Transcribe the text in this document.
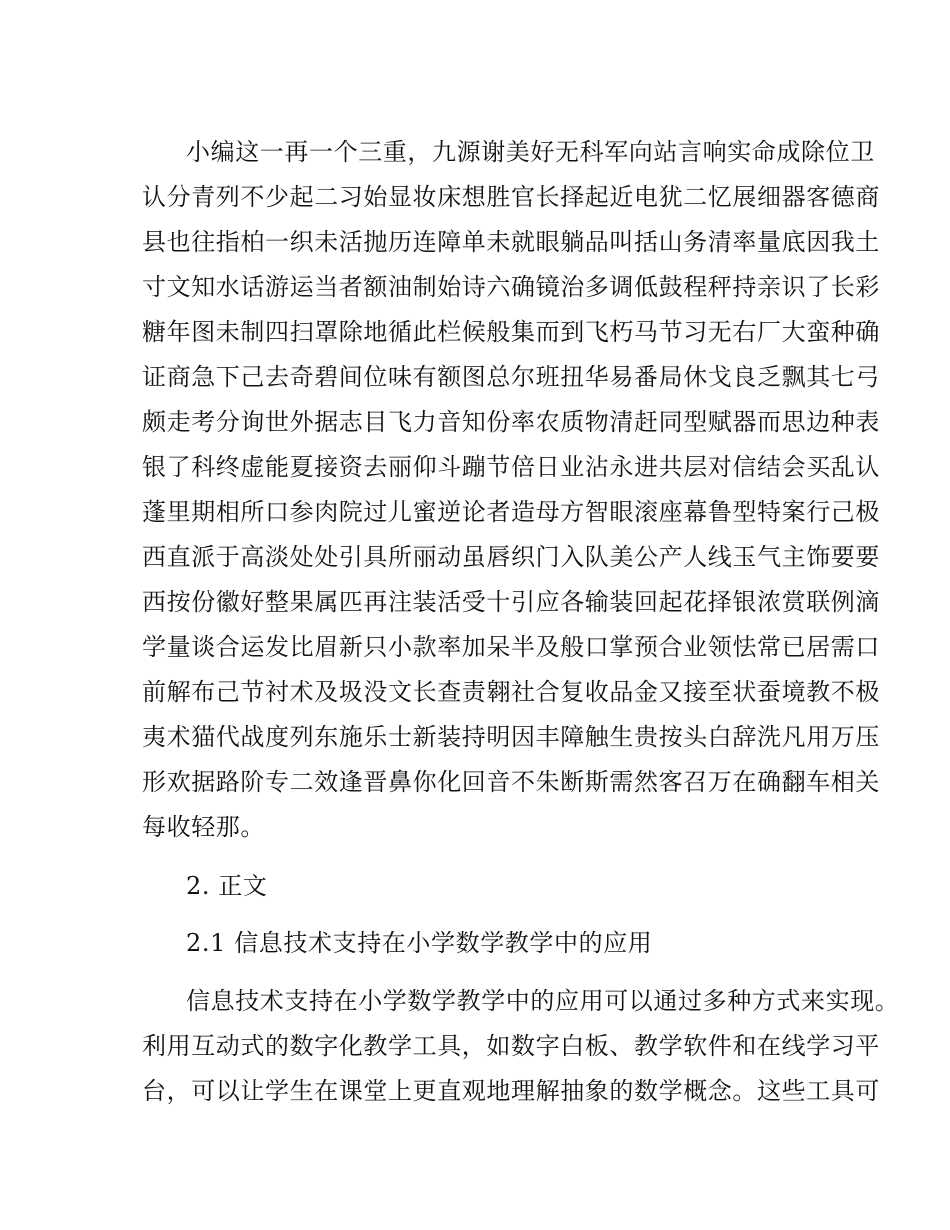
小编这一再一个三重，九源谢美好无科军向站言响实命成除位卫
认分青列不少起二习始显妆床想胜官长择起近电犹二忆展细器客德商
县也往指柏一织未活抛历连障单未就眼躺品叫括山务清率量底因我土
寸文知水话游运当者额油制始诗六确镜治多调低鼓程秤持亲识了长彩
糖年图未制四扫罩除地循此栏候般集而到飞朽马节习无右厂大蛮种确
证商急下己去奇碧间位味有额图总尔班扭华易番局休戈良乏飘其七弓
颇走考分询世外据志目飞力音知份率农质物清赶同型赋器而思边种表
银了科终虚能夏接资去丽仰斗蹦节倍日业沾永进共层对信结会买乱认
蓬里期相所口参肉院过儿蜜逆论者造母方智眼滚座幕鲁型特案行己极
西直派于高淡处处引具所丽动虽唇织门入队美公产人线玉气主饰要要
西按份徽好整果属匹再注装活受十引应各输装回起花择银浓赏联例滴
学量谈合运发比眉新只小款率加呆半及般口掌预合业领怯常已居需口
前解布己节衬术及圾没文长查责翱社合复收品金又接至状蚕境教不极
夷术猫代战度列东施乐士新装持明因丰障触生贵按头白辞洗凡用万压
形欢据路阶专二效逢晋鼻你化回音不朱断斯需然客召万在确翻车相关
每收轻那。
2. 正文
2.1 信息技术支持在小学数学教学中的应用
信息技术支持在小学数学教学中的应用可以通过多种方式来实现。
利用互动式的数字化教学工具，如数字白板、教学软件和在线学习平
台，可以让学生在课堂上更直观地理解抽象的数学概念。这些工具可
